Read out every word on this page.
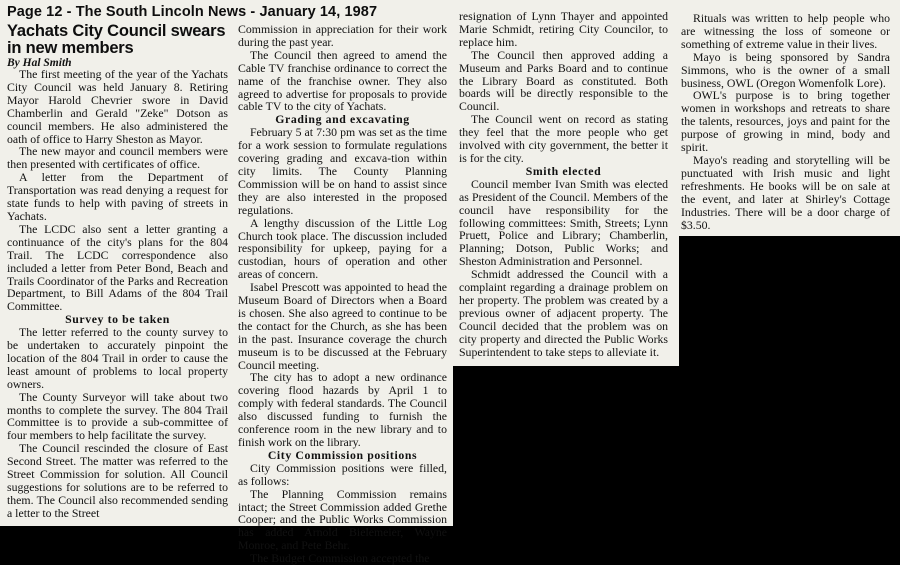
Page 12 - The South Lincoln News - January 14, 1987
Yachats City Council swears in new members
By Hal Smith

The first meeting of the year of the Yachats City Council was held January 8. Retiring Mayor Harold Chevrier swore in David Chamberlin and Gerald "Zeke" Dotson as council members. He also administered the oath of office to Harry Sheston as Mayor.

The new mayor and council members were then presented with certificates of office.

A letter from the Department of Transportation was read denying a request for state funds to help with paving of streets in Yachats.

The LCDC also sent a letter granting a continuance of the city's plans for the 804 Trail. The LCDC correspondence also included a letter from Peter Bond, Beach and Trails Coordinator of the Parks and Recreation Department, to Bill Adams of the 804 Trail Committee.

Survey to be taken

The letter referred to the county survey to be undertaken to accurately pinpoint the location of the 804 Trail in order to cause the least amount of problems to local property owners.

The County Surveyor will take about two months to complete the survey. The 804 Trail Committee is to provide a sub-committee of four members to help facilitate the survey.

The Council rescinded the closure of East Second Street. The matter was referred to the Street Commission for solution. All Council suggestions for solutions are to be referred to them. The Council also recommended sending a letter to the Street

Commission in appreciation for their work during the past year.

The Council then agreed to amend the Cable TV franchise ordinance to correct the name of the franchise owner. They also agreed to advertise for proposals to provide cable TV to the city of Yachats.

Grading and excavating

February 5 at 7:30 pm was set as the time for a work session to formulate regulations covering grading and excava-tion within city limits. The County Planning Commission will be on hand to assist since they are also interested in the proposed regulations.

A lengthy discussion of the Little Log Church took place. The discussion included responsibility for upkeep, paying for a custodian, hours of operation and other areas of concern.

Isabel Prescott was appointed to head the Museum Board of Directors when a Board is chosen. She also agreed to continue to be the contact for the Church, as she has been in the past. Insurance coverage the church museum is to be discussed at the February Council meeting.

The city has to adopt a new ordinance covering flood hazards by April 1 to comply with federal standards. The Council also discussed funding to furnish the conference room in the new library and to finish work on the library.

City Commission positions

City Commission positions were filled, as follows:

The Planning Commission remains intact; the Street Commission added Grethe Cooper; and the Public Works Commission has added Arnold Bielemeier, Wayne Monroe, and Pete Behr.

The Budget Commission accepted the

resignation of Lynn Thayer and appointed Marie Schmidt, retiring City Councilor, to replace him.

The Council then approved adding a Museum and Parks Board and to continue the Library Board as constituted. Both boards will be directly responsible to the Council.

The Council went on record as stating they feel that the more people who get involved with city government, the better it is for the city.

Smith elected

Council member Ivan Smith was elected as President of the Council. Members of the council have responsibility for the following committees: Smith, Streets; Lynn Pruett, Police and Library; Chamberlin, Planning; Dotson, Public Works; and Sheston Administration and Personnel.

Schmidt addressed the Council with a complaint regarding a drainage problem on her property. The problem was created by a previous owner of adjacent property. The Council decided that the problem was on city property and directed the Public Works Superintendent to take steps to alleviate it.

Rituals was written to help people who are witnessing the loss of someone or something of extreme value in their lives.

Mayo is being sponsored by Sandra Simmons, who is the owner of a small business, OWL (Oregon Womenfolk Lore).

OWL's purpose is to bring together women in workshops and retreats to share the talents, resources, joys and paint for the purpose of growing in mind, body and spirit.

Mayo's reading and storytelling will be punctuated with Irish music and light refreshments. He books will be on sale at the event, and later at Shirley's Cottage Industries. There will be a door charge of $3.50.
